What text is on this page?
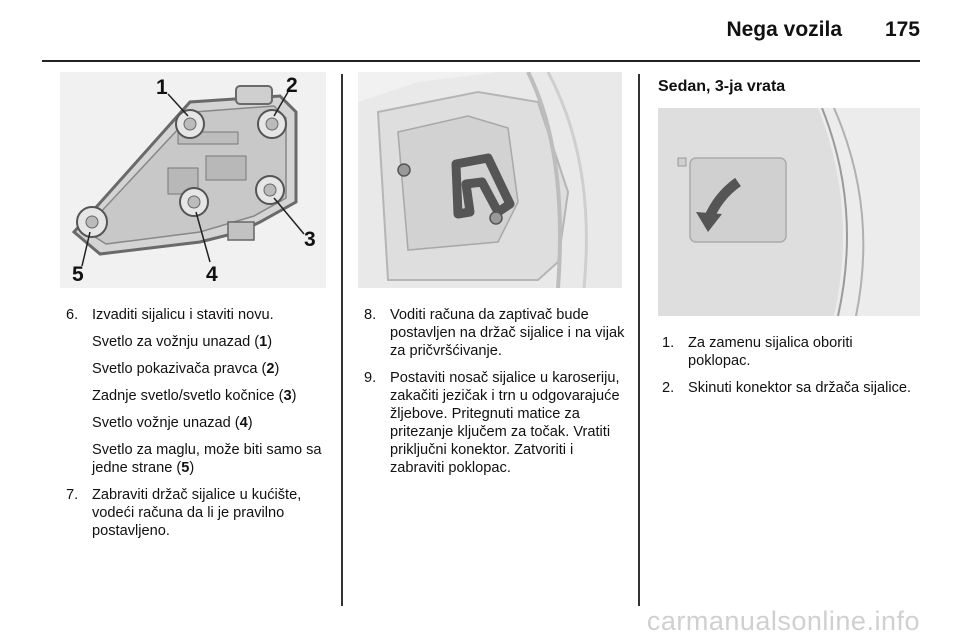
Nega vozila 175
1	2
3
4
5
6. Izvaditi sijalicu i staviti novu.
Svetlo za vožnju unazad (1)
Svetlo pokazivača pravca (2)
Zadnje svetlo/svetlo kočnice (3)
Svetlo vožnje unazad (4)
Svetlo za maglu, može biti samo sa jedne strane (5)
7. Zabraviti držač sijalice u kućište, vodeći računa da li je pravilno postavljeno.
8. Voditi računa da zaptivač bude postavljen na držač sijalice i na vijak za pričvršćivanje.
9. Postaviti nosač sijalice u karoseriju, zakačiti jezičak i trn u odgovarajuće žljebove. Pritegnuti matice za pritezanje ključem za točak. Vratiti priključni konektor. Zatvoriti i zabraviti poklopac.
Sedan, 3-ja vrata
1. Za zamenu sijalica oboriti poklopac.
2. Skinuti konektor sa držača sijalice.
carmanualsonline.info
